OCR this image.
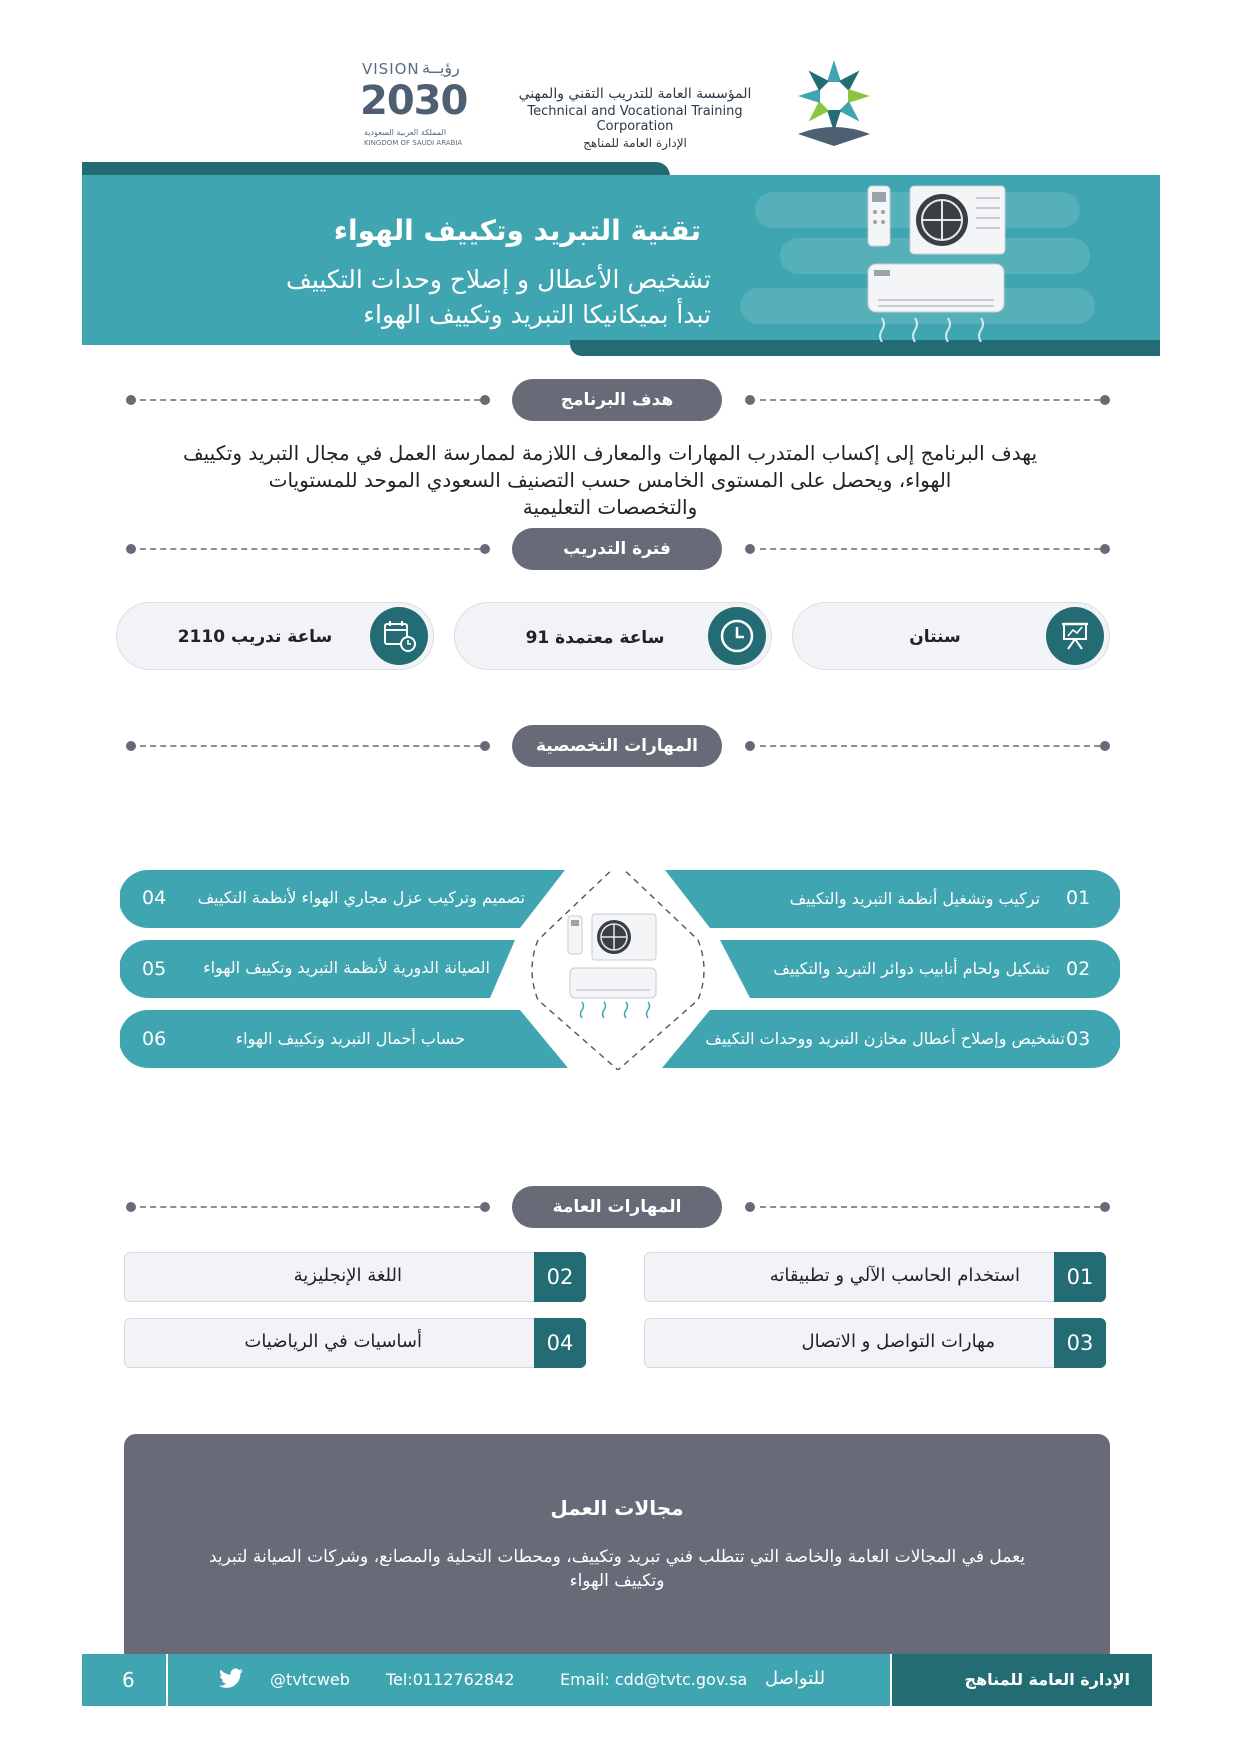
VISION رؤيــة
2030
المملكة العربية السعودية
KINGDOM OF SAUDI ARABIA
المؤسسة العامة للتدريب التقني والمهني
Technical and Vocational Training Corporation
الإدارة العامة للمناهج
تقنية التبريد وتكييف الهواء
تشخيص الأعطال و إصلاح وحدات التكييف
تبدأ بميكانيكا التبريد وتكييف الهواء
هدف البرنامج
يهدف البرنامج إلى إكساب المتدرب المهارات والمعارف اللازمة لممارسة العمل في مجال التبريد وتكييف
الهواء، ويحصل على المستوى الخامس حسب التصنيف السعودي الموحد للمستويات
والتخصصات التعليمية
فترة التدريب
2110 ساعة تدريب	91 ساعة معتمدة	سنتان
المهارات التخصصية
01
تركيب وتشغيل أنظمة التبريد والتكييف
02
تشكيل ولحام أنابيب دوائر التبريد والتكييف
03
تشخيص وإصلاح أعطال مخازن التبريد ووحدات التكييف
04	تصميم وتركيب عزل مجاري الهواء لأنظمة التكييف
05	الصيانة الدورية لأنظمة التبريد وتكييف الهواء
06	حساب أحمال التبريد وتكييف الهواء
المهارات العامة
01
استخدام الحاسب الآلي و تطبيقاته
02
اللغة الإنجليزية
03
مهارات التواصل و الاتصال
04
أساسيات في الرياضيات
مجالات العمل
يعمل في المجالات العامة والخاصة التي تتطلب فني تبريد وتكييف، ومحطات التحلية والمصانع، وشركات الصيانة لتبريد
وتكييف الهواء
6	@tvtcweb Tel:0112762842	Email: cdd@tvtc.gov.sa للتواصل	الإدارة العامة للمناهج
